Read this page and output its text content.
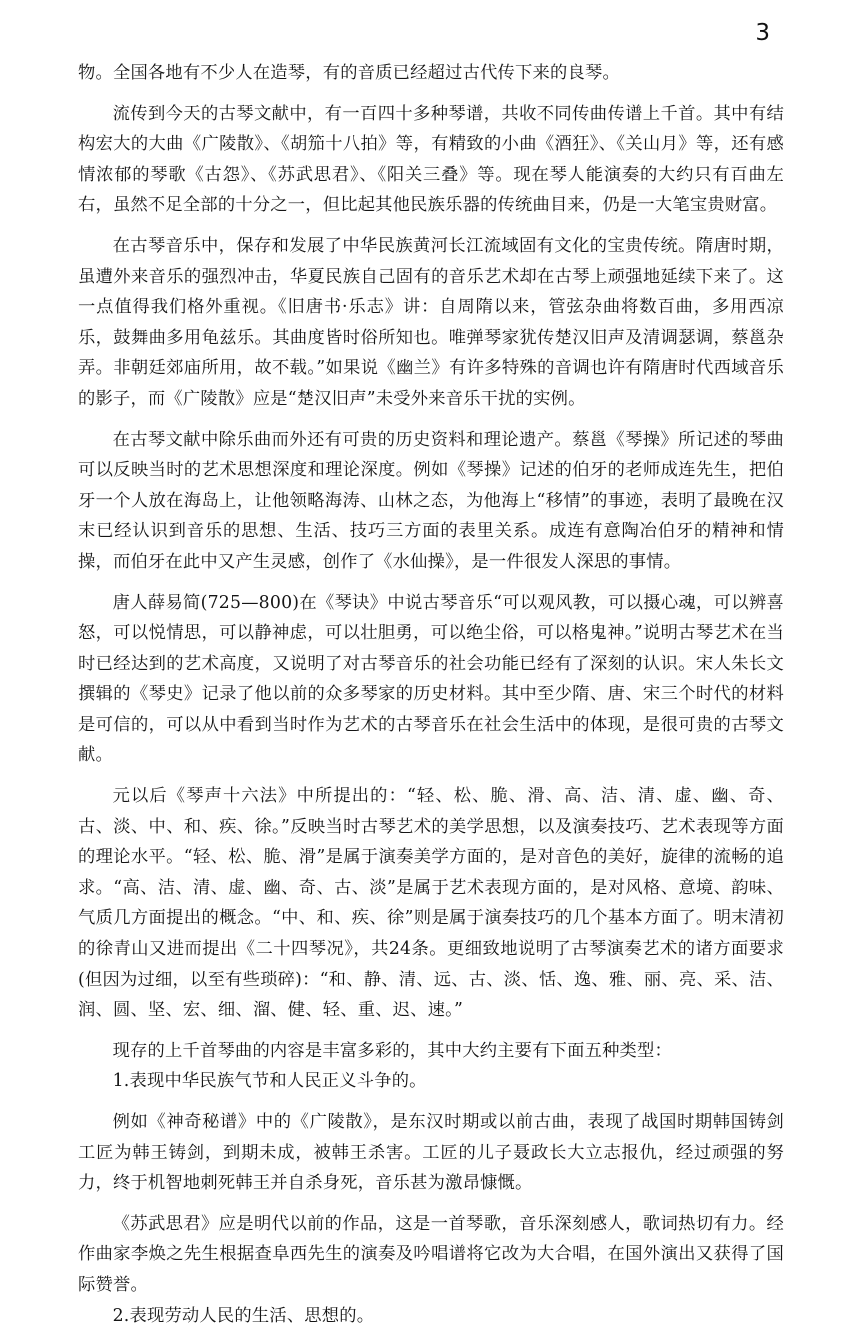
3

物。全国各地有不少人在造琴，有的音质已经超过古代传下来的良琴。

流传到今天的古琴文献中，有一百四十多种琴谱，共收不同传曲传谱上千首。其中有结构宏大的大曲《广陵散》、《胡笳十八拍》等，有精致的小曲《酒狂》、《关山月》等，还有感情浓郁的琴歌《古怨》、《苏武思君》、《阳关三叠》等。现在琴人能演奏的大约只有百曲左右，虽然不足全部的十分之一，但比起其他民族乐器的传统曲目来，仍是一大笔宝贵财富。

在古琴音乐中，保存和发展了中华民族黄河长江流域固有文化的宝贵传统。隋唐时期，虽遭外来音乐的强烈冲击，华夏民族自己固有的音乐艺术却在古琴上顽强地延续下来了。这一点值得我们格外重视。《旧唐书·乐志》讲：自周隋以来，管弦杂曲将数百曲，多用西凉乐，鼓舞曲多用龟兹乐。其曲度皆时俗所知也。唯弹琴家犹传楚汉旧声及清调瑟调，蔡邕杂弄。非朝廷郊庙所用，故不载。”如果说《幽兰》有许多特殊的音调也许有隋唐时代西域音乐的影子，而《广陵散》应是“楚汉旧声”未受外来音乐干扰的实例。

在古琴文献中除乐曲而外还有可贵的历史资料和理论遗产。蔡邕《琴操》所记述的琴曲可以反映当时的艺术思想深度和理论深度。例如《琴操》记述的伯牙的老师成连先生，把伯牙一个人放在海岛上，让他领略海涛、山林之态，为他海上“移情”的事迹，表明了最晚在汉末已经认识到音乐的思想、生活、技巧三方面的表里关系。成连有意陶冶伯牙的精神和情操，而伯牙在此中又产生灵感，创作了《水仙操》，是一件很发人深思的事情。

唐人薛易简(725—800)在《琴诀》中说古琴音乐“可以观风教，可以摄心魂，可以辨喜怒，可以悦情思，可以静神虑，可以壮胆勇，可以绝尘俗，可以格鬼神。”说明古琴艺术在当时已经达到的艺术高度，又说明了对古琴音乐的社会功能已经有了深刻的认识。宋人朱长文撰辑的《琴史》记录了他以前的众多琴家的历史材料。其中至少隋、唐、宋三个时代的材料是可信的，可以从中看到当时作为艺术的古琴音乐在社会生活中的体现，是很可贵的古琴文献。

元以后《琴声十六法》中所提出的：“轻、松、脆、滑、高、洁、清、虚、幽、奇、古、淡、中、和、疾、徐。”反映当时古琴艺术的美学思想，以及演奏技巧、艺术表现等方面的理论水平。“轻、松、脆、滑”是属于演奏美学方面的，是对音色的美好，旋律的流畅的追求。“高、洁、清、虚、幽、奇、古、淡”是属于艺术表现方面的，是对风格、意境、韵味、气质几方面提出的概念。“中、和、疾、徐”则是属于演奏技巧的几个基本方面了。明末清初的徐青山又进而提出《二十四琴况》，共24条。更细致地说明了古琴演奏艺术的诸方面要求(但因为过细，以至有些琐碎)：“和、静、清、远、古、淡、恬、逸、雅、丽、亮、采、洁、润、圆、坚、宏、细、溜、健、轻、重、迟、速。”

现存的上千首琴曲的内容是丰富多彩的，其中大约主要有下面五种类型：

1.表现中华民族气节和人民正义斗争的。

例如《神奇秘谱》中的《广陵散》，是东汉时期或以前古曲，表现了战国时期韩国铸剑工匠为韩王铸剑，到期未成，被韩王杀害。工匠的儿子聂政长大立志报仇，经过顽强的努力，终于机智地刺死韩王并自杀身死，音乐甚为激昂慷慨。

《苏武思君》应是明代以前的作品，这是一首琴歌，音乐深刻感人，歌词热切有力。经作曲家李焕之先生根据查阜西先生的演奏及吟唱谱将它改为大合唱，在国外演出又获得了国际赞誉。

2.表现劳动人民的生活、思想的。
